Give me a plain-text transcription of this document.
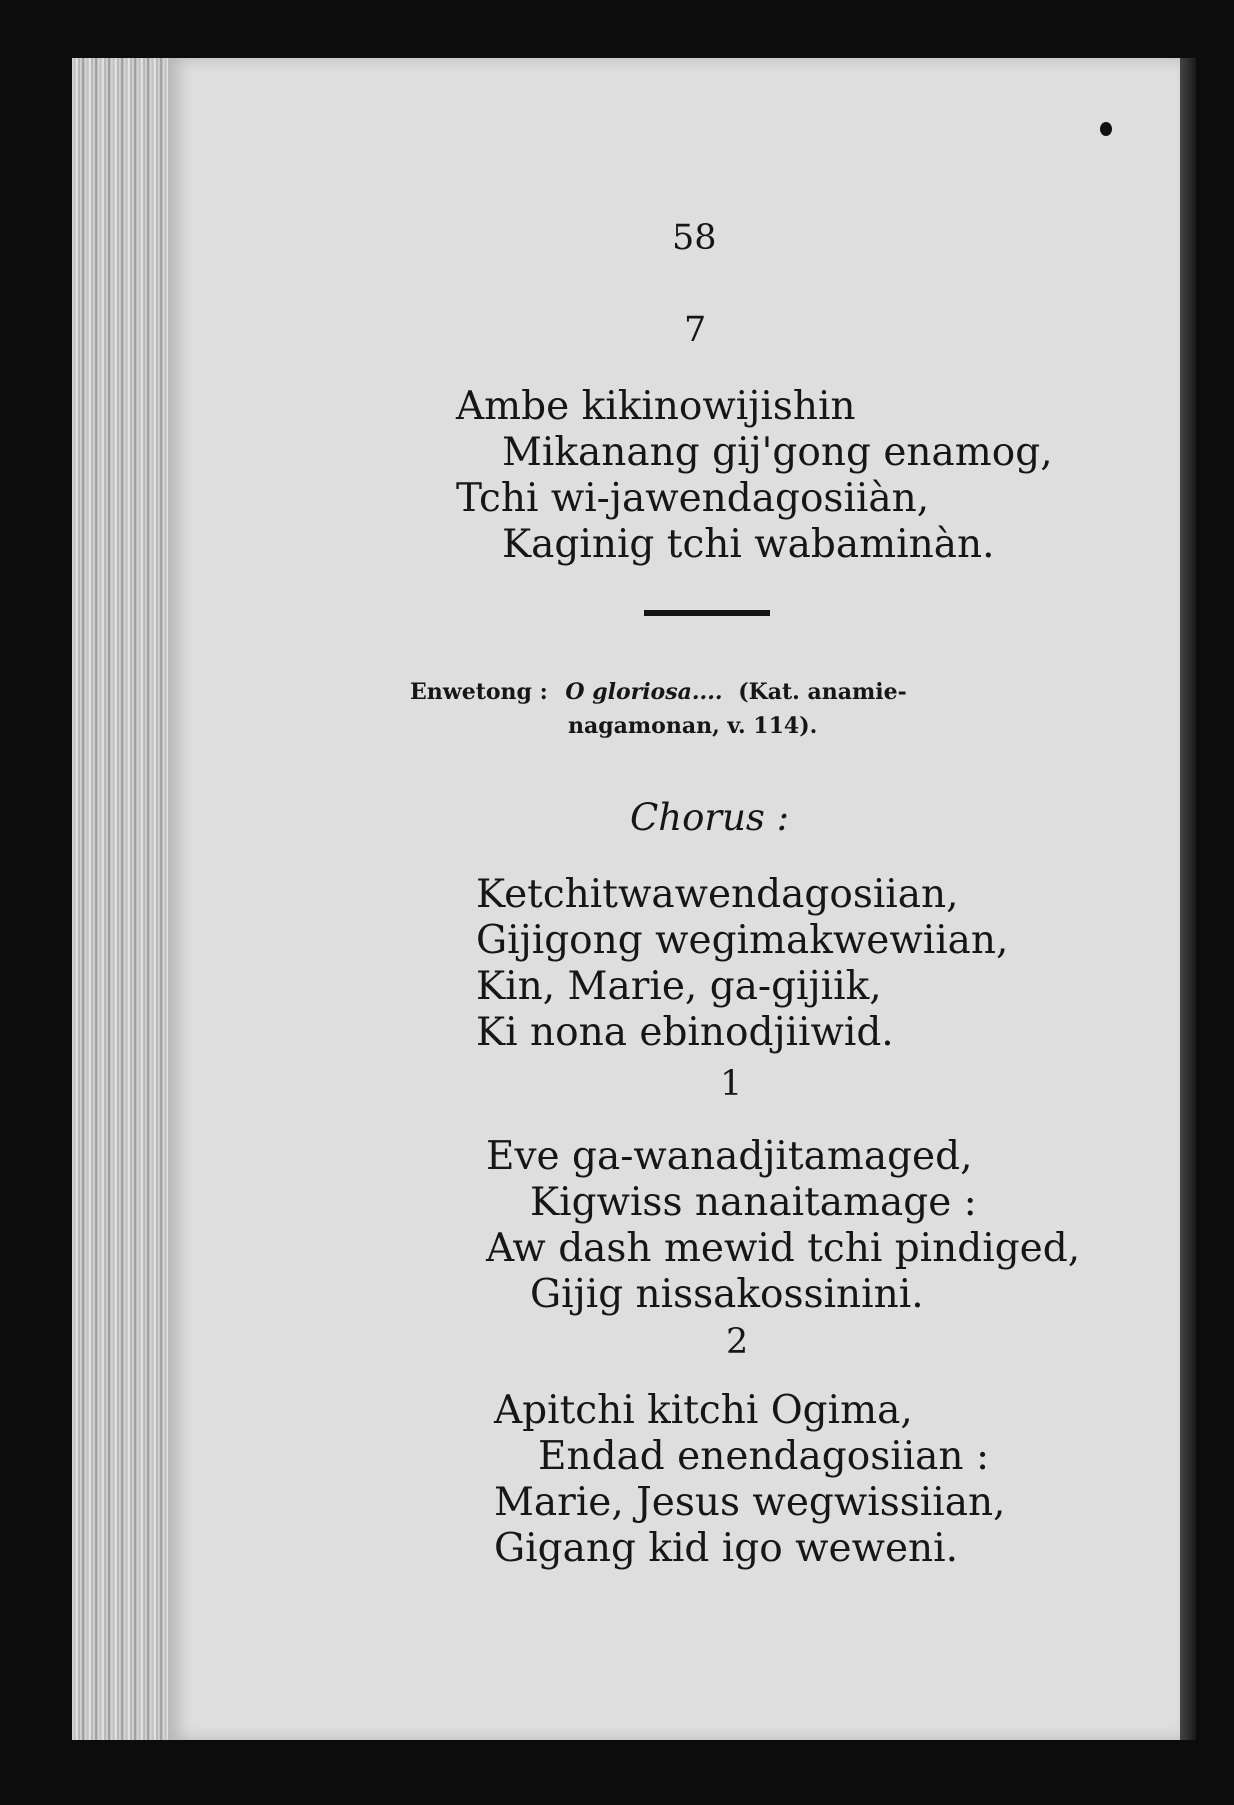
58
7
Ambe kikinowijishin
Mikanang gij'gong enamog,
Tchi wi-jawendagosiiàn,
Kaginig tchi wabaminàn.
Enwetong : O gloriosa.... (Kat. anamie-
nagamonan, v. 114).
Chorus :
Ketchitwawendagosiian,
Gijigong wegimakwewiian,
Kin, Marie, ga-gijiik,
Ki nona ebinodjiiwid.
1
Eve ga-wanadjitamaged,
Kigwiss nanaitamage :
Aw dash mewid tchi pindiged,
Gijig nissakossinini.
2
Apitchi kitchi Ogima,
Endad enendagosiian :
Marie, Jesus wegwissiian,
Gigang kid igo weweni.
